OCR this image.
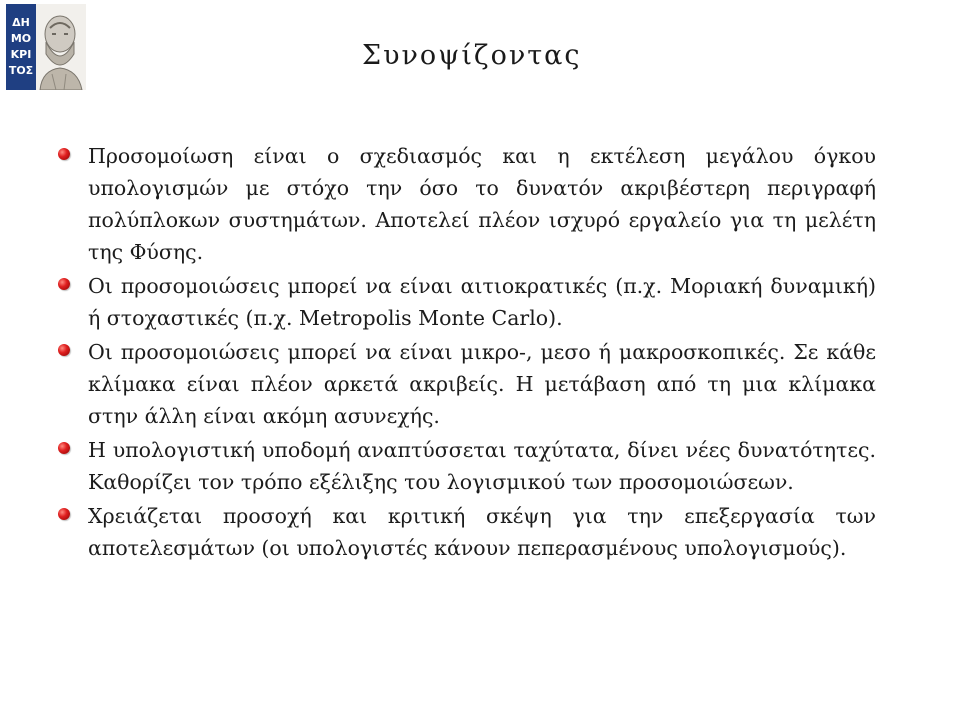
ΔΗ
ΜΟ
ΚΡΙ
ΤΟΣ	Συνοψίζοντας
Προσομοίωση είναι ο σχεδιασμός και η εκτέλεση μεγάλου όγκου υπολογισμών με στόχο την όσο το δυνατόν ακριβέστερη περιγραφή πολύπλοκων συστημάτων. Αποτελεί πλέον ισχυρό εργαλείο για τη μελέτη της Φύσης.
Οι προσομοιώσεις μπορεί να είναι αιτιοκρατικές (π.χ. Μοριακή δυναμική) ή στοχαστικές (π.χ. Metropolis Monte Carlo).
Οι προσομοιώσεις μπορεί να είναι μικρο-, μεσο ή μακροσκοπικές. Σε κάθε κλίμακα είναι πλέον αρκετά ακριβείς. Η μετάβαση από τη μια κλίμακα στην άλλη είναι ακόμη ασυνεχής.
Η υπολογιστική υποδομή αναπτύσσεται ταχύτατα, δίνει νέες δυνατότητες. Καθορίζει τον τρόπο εξέλιξης του λογισμικού των προσομοιώσεων.
Χρειάζεται προσοχή και κριτική σκέψη για την επεξεργασία των αποτελεσμάτων (οι υπολογιστές κάνουν πεπερασμένους υπολογισμούς).
